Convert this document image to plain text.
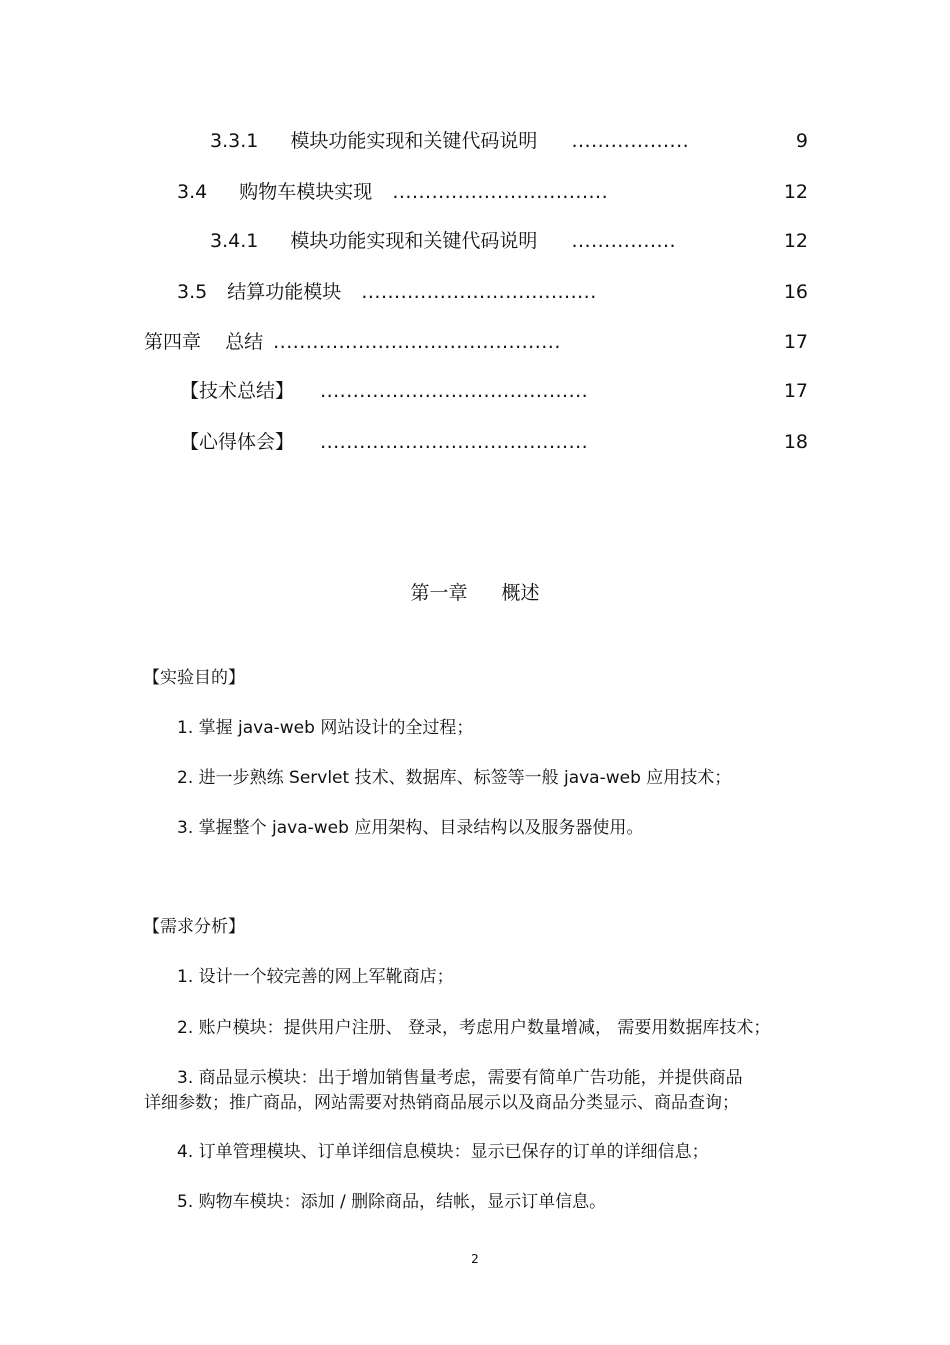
3.3.1 模块功能实现和关键代码说明 ..................	9
3.4 购物车模块实现 .................................	12
3.4.1 模块功能实现和关键代码说明 ................	12
3.5 结算功能模块 ....................................	16
第四章 总结 ............................................	17
【技术总结】 .........................................	17
【心得体会】 .........................................	18
第一章 概述
【实验目的】
1. 掌握 java-web 网站设计的全过程；
2. 进一步熟练 Servlet 技术、数据库、标签等一般 java-web 应用技术；
3. 掌握整个 java-web 应用架构、目录结构以及服务器使用。
【需求分析】
1. 设计一个较完善的网上军靴商店；
2. 账户模块：提供用户注册、 登录，考虑用户数量增减， 需要用数据库技术；
3. 商品显示模块：出于增加销售量考虑，需要有简单广告功能，并提供商品
详细参数；推广商品，网站需要对热销商品展示以及商品分类显示、商品查询；
4. 订单管理模块、订单详细信息模块：显示已保存的订单的详细信息；
5. 购物车模块：添加 / 删除商品，结帐，显示订单信息。
2
